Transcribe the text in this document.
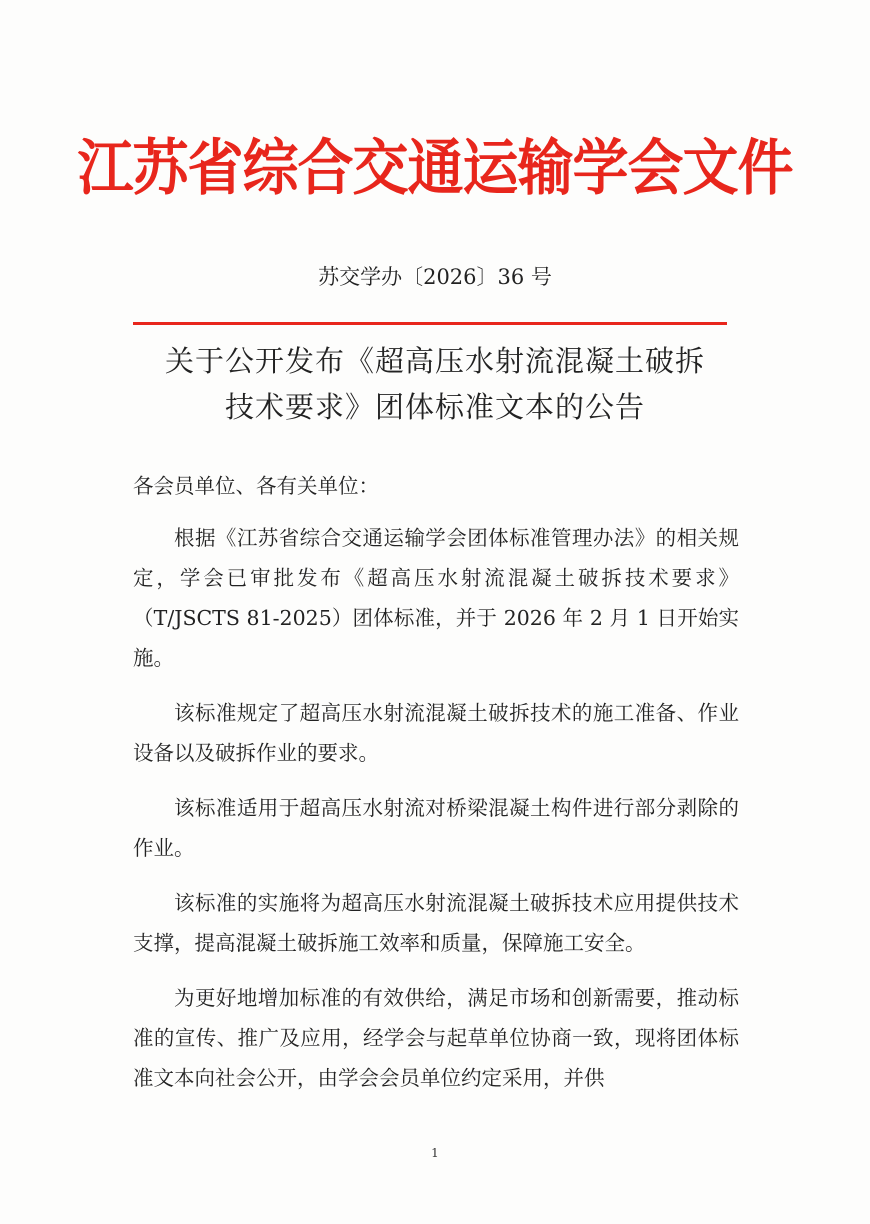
江苏省综合交通运输学会文件
苏交学办〔2026〕36 号
关于公开发布《超高压水射流混凝土破拆
技术要求》团体标准文本的公告

各会员单位、各有关单位：

根据《江苏省综合交通运输学会团体标准管理办法》的相关规定，学会已审批发布《超高压水射流混凝土破拆技术要求》（T/JSCTS 81-2025）团体标准，并于 2026 年 2 月 1 日开始实施。

该标准规定了超高压水射流混凝土破拆技术的施工准备、作业设备以及破拆作业的要求。

该标准适用于超高压水射流对桥梁混凝土构件进行部分剥除的作业。

该标准的实施将为超高压水射流混凝土破拆技术应用提供技术支撑，提高混凝土破拆施工效率和质量，保障施工安全。

为更好地增加标准的有效供给，满足市场和创新需要，推动标准的宣传、推广及应用，经学会与起草单位协商一致，现将团体标准文本向社会公开，由学会会员单位约定采用，并供

1
